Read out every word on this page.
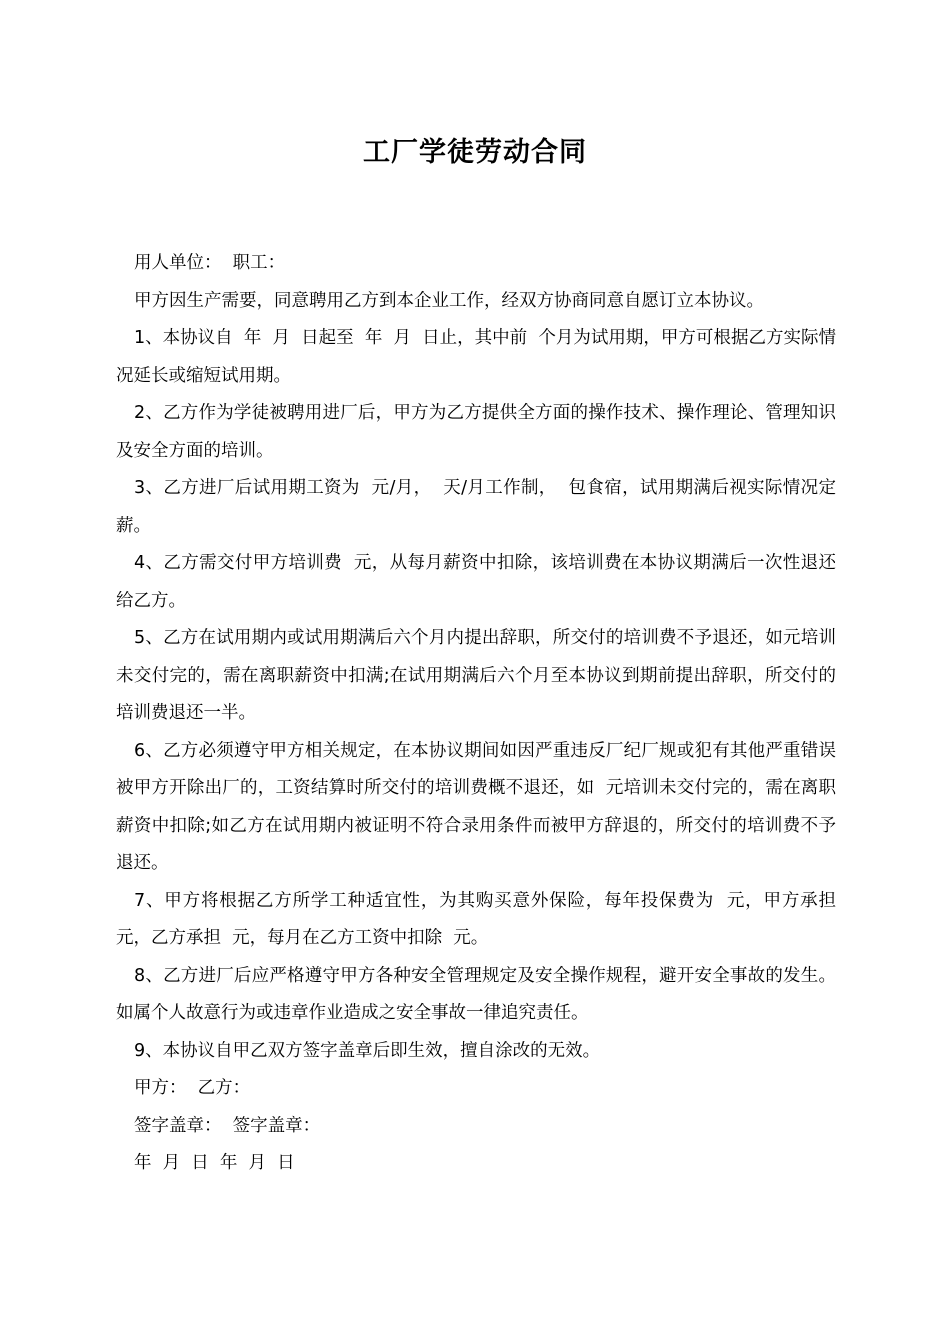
工厂学徒劳动合同

用人单位：  职工：

甲方因生产需要，同意聘用乙方到本企业工作，经双方协商同意自愿订立本协议。

1、本协议自  年  月  日起至  年  月  日止，其中前  个月为试用期，甲方可根据乙方实际情况延长或缩短试用期。

2、乙方作为学徒被聘用进厂后，甲方为乙方提供全方面的操作技术、操作理论、管理知识及安全方面的培训。

3、乙方进厂后试用期工资为  元/月，  天/月工作制，  包食宿，试用期满后视实际情况定薪。

4、乙方需交付甲方培训费  元，从每月薪资中扣除，该培训费在本协议期满后一次性退还给乙方。

5、乙方在试用期内或试用期满后六个月内提出辞职，所交付的培训费不予退还，如元培训未交付完的，需在离职薪资中扣满;在试用期满后六个月至本协议到期前提出辞职，所交付的培训费退还一半。

6、乙方必须遵守甲方相关规定，在本协议期间如因严重违反厂纪厂规或犯有其他严重错误被甲方开除出厂的，工资结算时所交付的培训费概不退还，如  元培训未交付完的，需在离职薪资中扣除;如乙方在试用期内被证明不符合录用条件而被甲方辞退的，所交付的培训费不予退还。

7、甲方将根据乙方所学工种适宜性，为其购买意外保险，每年投保费为  元，甲方承担  元，乙方承担  元，每月在乙方工资中扣除  元。

8、乙方进厂后应严格遵守甲方各种安全管理规定及安全操作规程，避开安全事故的发生。如属个人故意行为或违章作业造成之安全事故一律追究责任。

9、本协议自甲乙双方签字盖章后即生效，擅自涂改的无效。

甲方：  乙方：

签字盖章：  签字盖章：

年  月  日  年  月  日
